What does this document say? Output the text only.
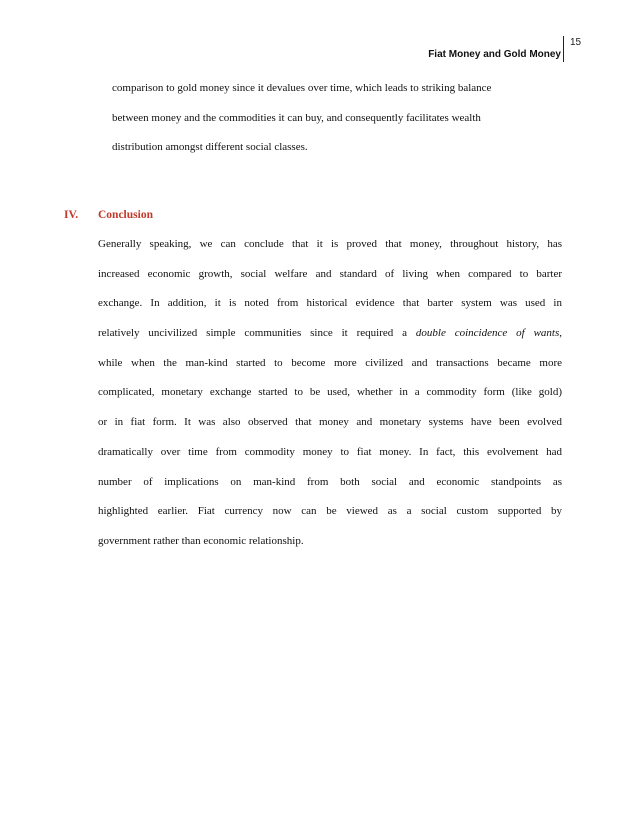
Fiat Money and Gold Money
15
comparison to gold money since it devalues over time, which leads to striking balance
between money and the commodities it can buy, and consequently facilitates wealth
distribution amongst different social classes.
IV. Conclusion
Generally speaking, we can conclude that it is proved that money, throughout history, has
increased economic growth, social welfare and standard of living when compared to barter
exchange. In addition, it is noted from historical evidence that barter system was used in
relatively uncivilized simple communities since it required a double coincidence of wants,
while when the man-kind started to become more civilized and transactions became more
complicated, monetary exchange started to be used, whether in a commodity form (like gold)
or in fiat form. It was also observed that money and monetary systems have been evolved
dramatically over time from commodity money to fiat money. In fact, this evolvement had
number of implications on man-kind from both social and economic standpoints as
highlighted earlier. Fiat currency now can be viewed as a social custom supported by
government rather than economic relationship.
